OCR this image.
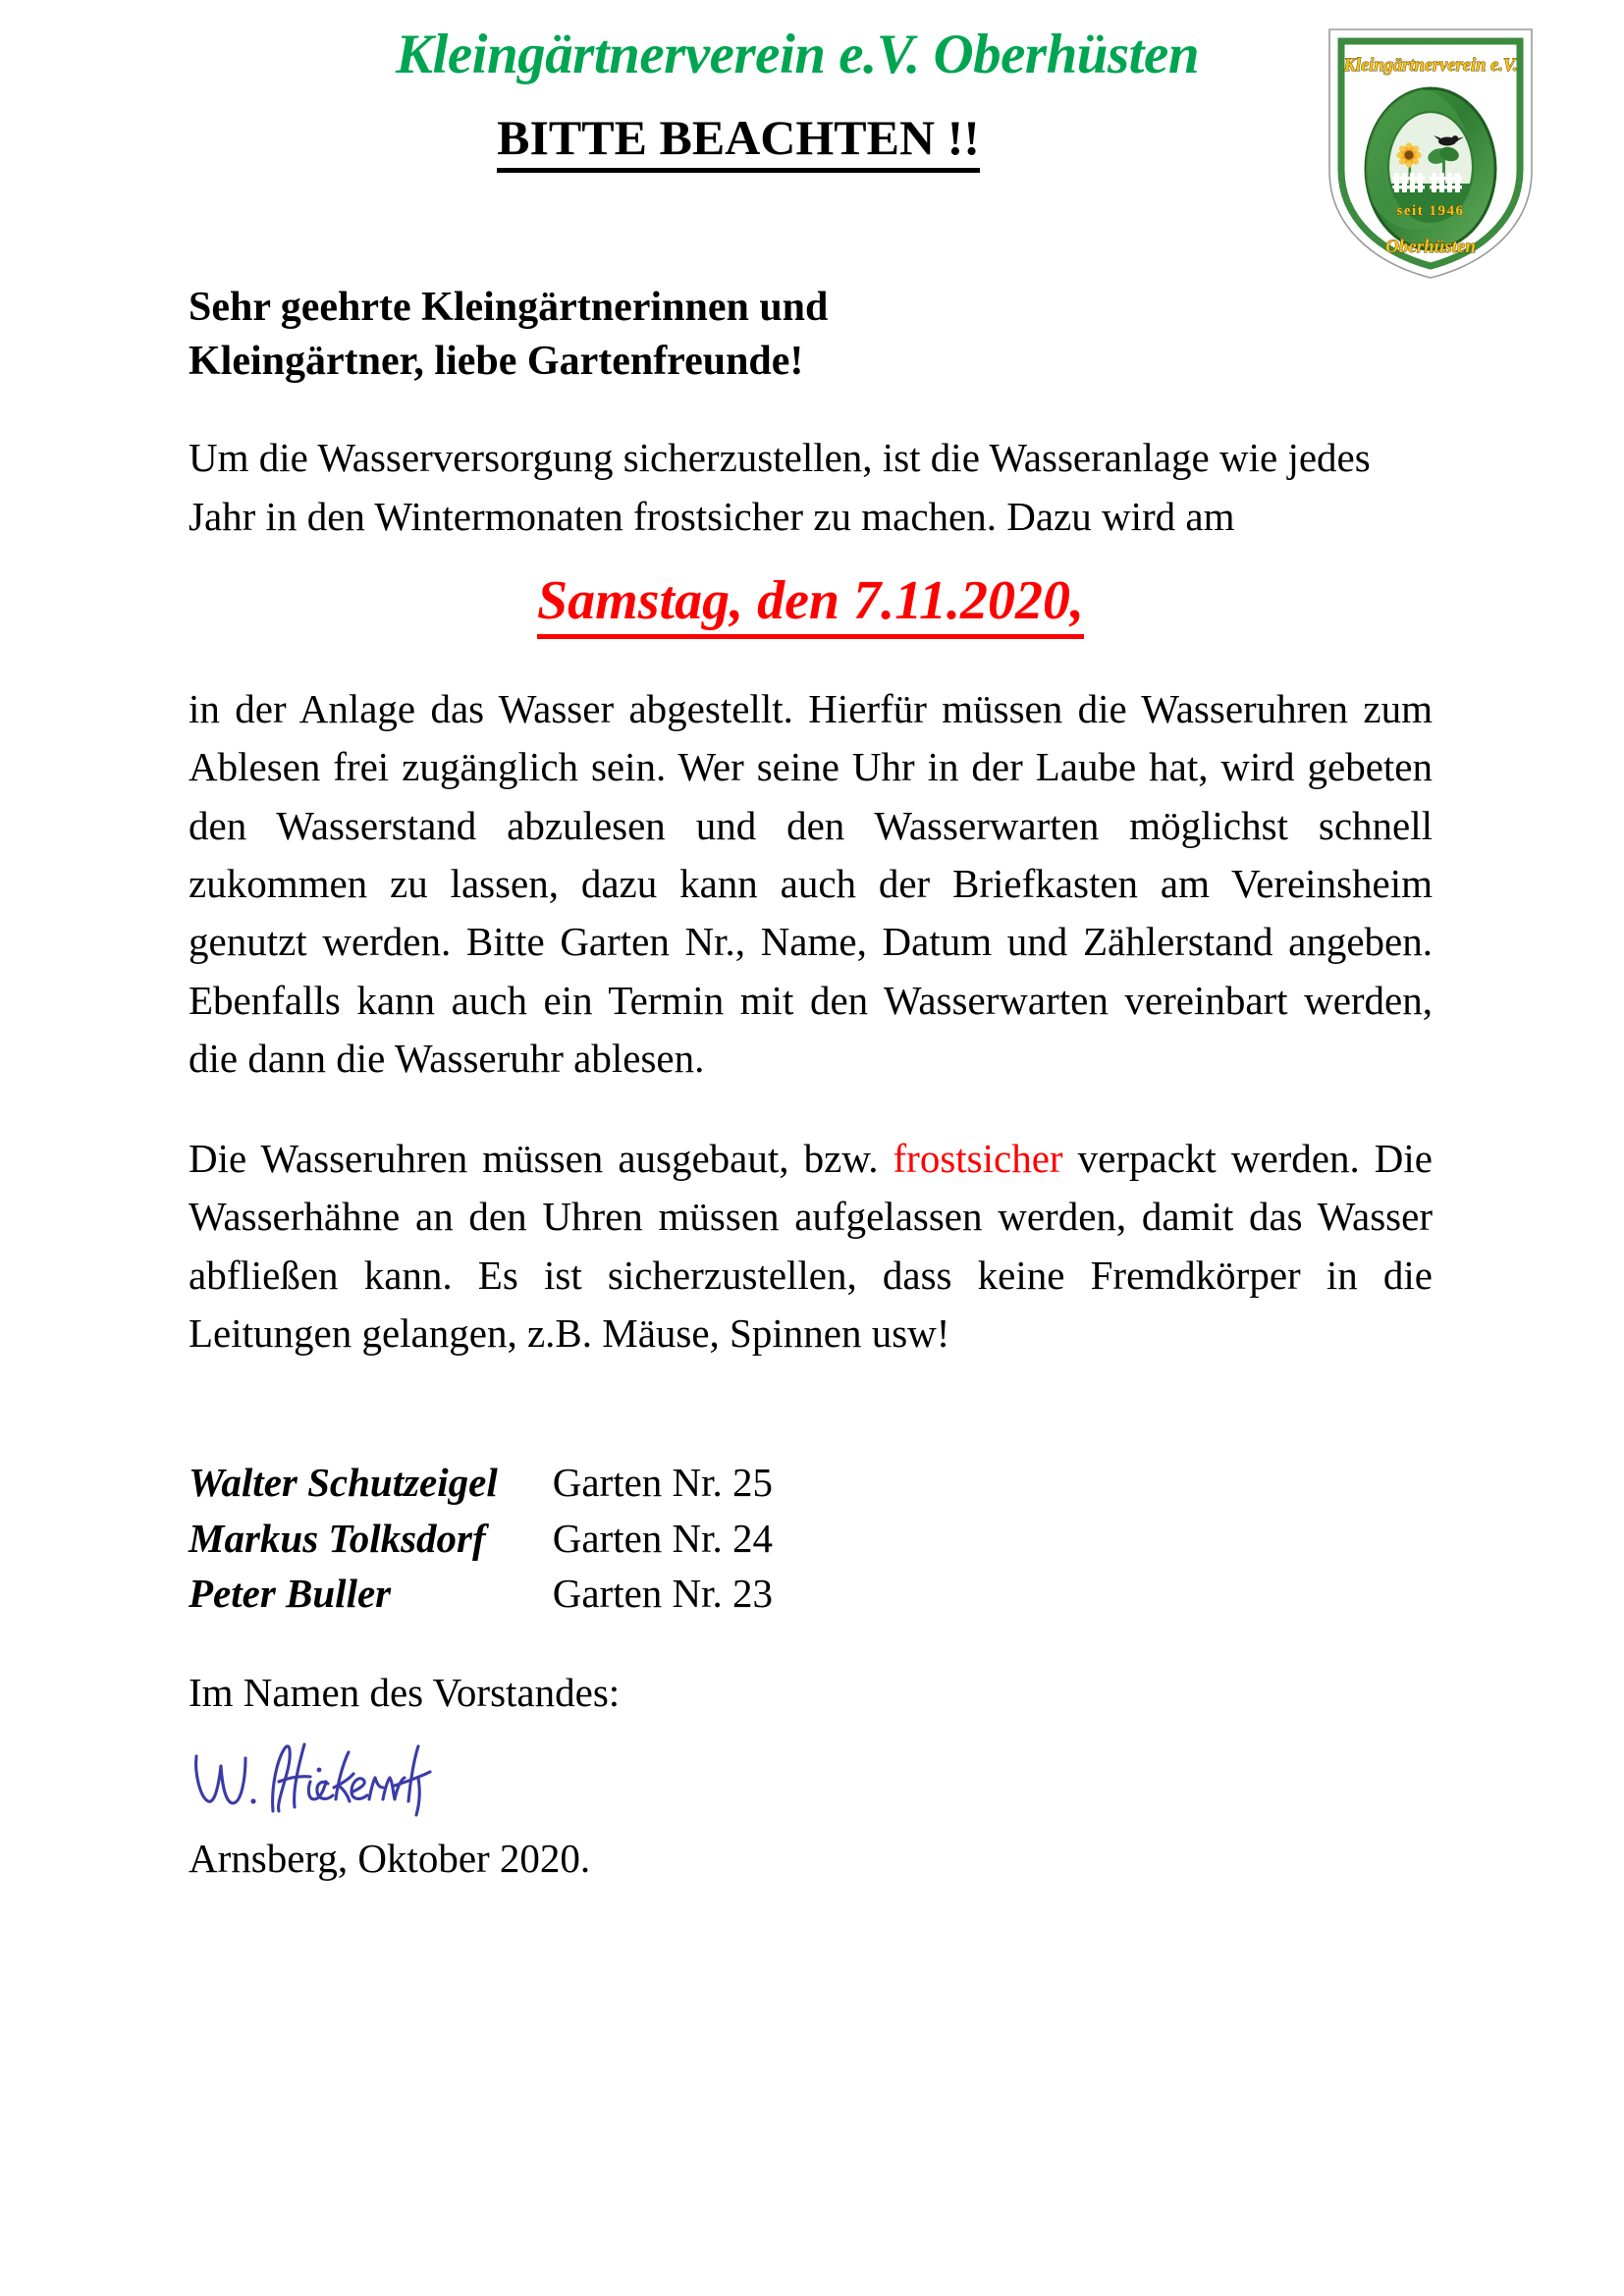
Kleingärtnerverein e.V. Oberhüsten
BITTE BEACHTEN !!
Kleingärtnerverein e.V.
seit 1946
Oberhüsten
Sehr geehrte Kleingärtnerinnen und
Kleingärtner, liebe Gartenfreunde!
Um die Wasserversorgung sicherzustellen, ist die Wasseranlage wie jedes Jahr in den Wintermonaten frostsicher zu machen. Dazu wird am
Samstag, den 7.11.2020,
in der Anlage das Wasser abgestellt. Hierfür müssen die Wasseruhren zum Ablesen frei zugänglich sein. Wer seine Uhr in der Laube hat, wird gebeten den Wasserstand abzulesen und den Wasserwarten möglichst schnell zukommen zu lassen, dazu kann auch der Briefkasten am Vereinsheim genutzt werden. Bitte Garten Nr., Name, Datum und Zählerstand angeben. Ebenfalls kann auch ein Termin mit den Wasserwarten vereinbart werden, die dann die Wasseruhr ablesen.
Die Wasseruhren müssen ausgebaut, bzw. frostsicher verpackt werden. Die Wasserhähne an den Uhren müssen aufgelassen werden, damit das Wasser abfließen kann. Es ist sicherzustellen, dass keine Fremdkörper in die Leitungen gelangen, z.B. Mäuse, Spinnen usw!
Walter Schutzeigel	Garten Nr. 25
Markus Tolksdorf	Garten Nr. 24
Peter Buller	Garten Nr. 23
Im Namen des Vorstandes:
Arnsberg, Oktober 2020.
